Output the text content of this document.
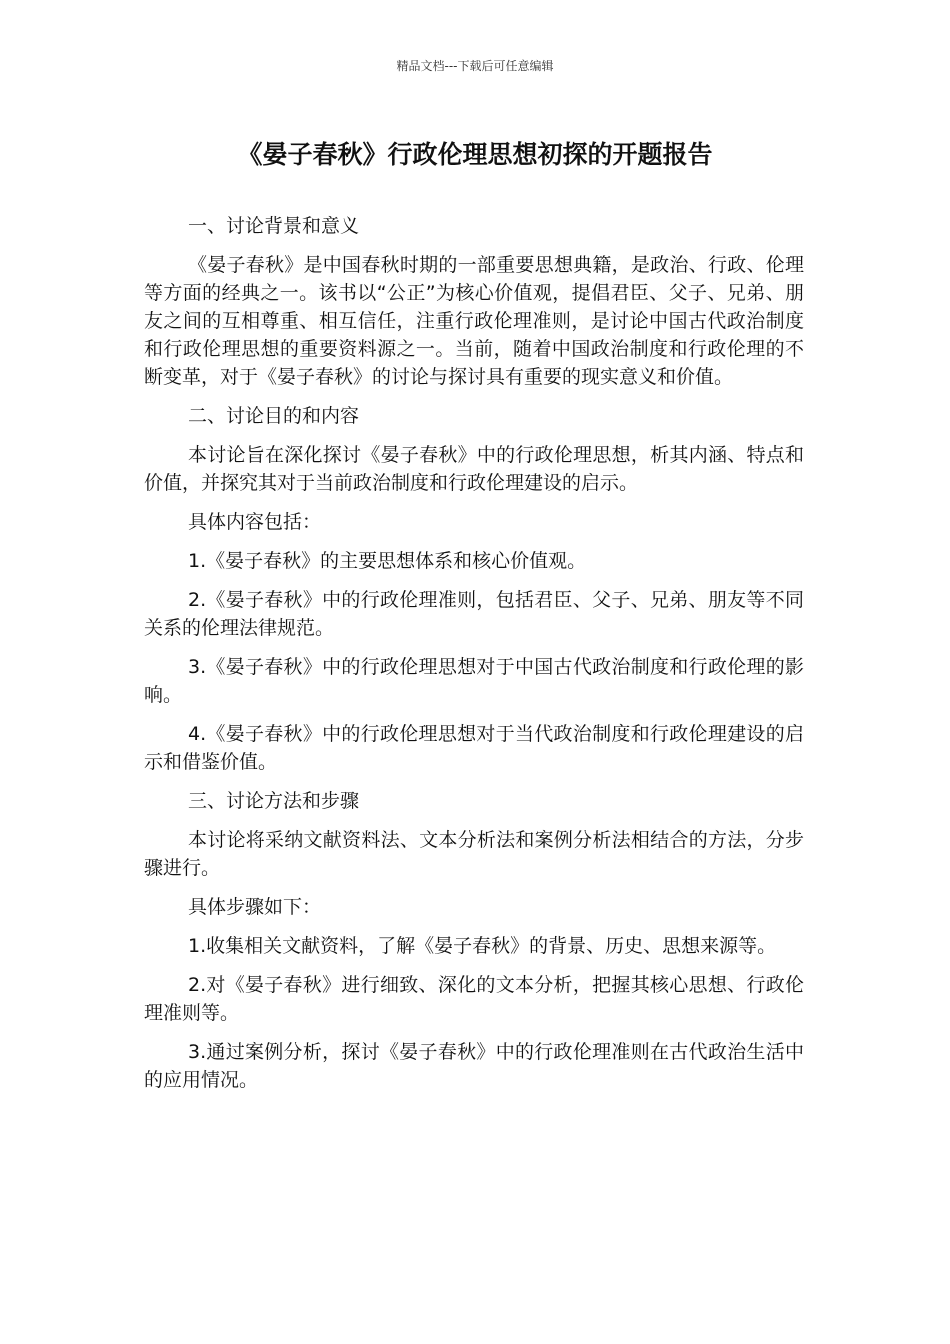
精品文档---下载后可任意编辑
《晏子春秋》行政伦理思想初探的开题报告

一、讨论背景和意义

《晏子春秋》是中国春秋时期的一部重要思想典籍，是政治、行政、伦理等方面的经典之一。该书以“公正”为核心价值观，提倡君臣、父子、兄弟、朋友之间的互相尊重、相互信任，注重行政伦理准则，是讨论中国古代政治制度和行政伦理思想的重要资料源之一。当前，随着中国政治制度和行政伦理的不断变革，对于《晏子春秋》的讨论与探讨具有重要的现实意义和价值。

二、讨论目的和内容

本讨论旨在深化探讨《晏子春秋》中的行政伦理思想，析其内涵、特点和价值，并探究其对于当前政治制度和行政伦理建设的启示。

具体内容包括：

1.《晏子春秋》的主要思想体系和核心价值观。

2.《晏子春秋》中的行政伦理准则，包括君臣、父子、兄弟、朋友等不同关系的伦理法律规范。

3.《晏子春秋》中的行政伦理思想对于中国古代政治制度和行政伦理的影响。

4.《晏子春秋》中的行政伦理思想对于当代政治制度和行政伦理建设的启示和借鉴价值。

三、讨论方法和步骤

本讨论将采纳文献资料法、文本分析法和案例分析法相结合的方法，分步骤进行。

具体步骤如下：

1.收集相关文献资料，了解《晏子春秋》的背景、历史、思想来源等。

2.对《晏子春秋》进行细致、深化的文本分析，把握其核心思想、行政伦理准则等。

3.通过案例分析，探讨《晏子春秋》中的行政伦理准则在古代政治生活中的应用情况。
